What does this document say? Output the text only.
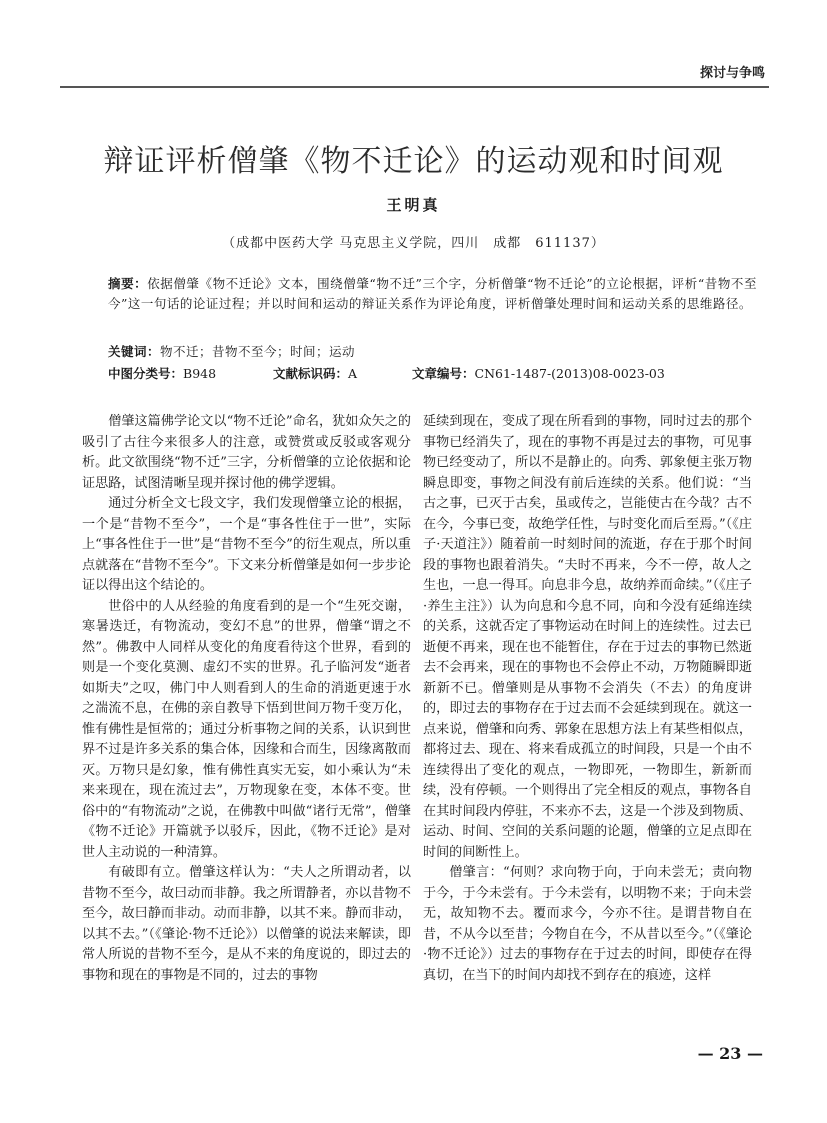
探讨与争鸣
辩证评析僧肇《物不迁论》的运动观和时间观
王明真
（成都中医药大学 马克思主义学院，四川　成都　611137）
摘要：依据僧肇《物不迁论》文本，围绕僧肇“物不迁”三个字，分析僧肇“物不迁论”的立论根据，评析“昔物不至今”这一句话的论证过程；并以时间和运动的辩证关系作为评论角度，评析僧肇处理时间和运动关系的思维路径。
关键词：物不迁；昔物不至今；时间；运动
中图分类号：B948	文献标识码：A	文章编号：CN61-1487-(2013)08-0023-03

僧肇这篇佛学论文以“物不迁论”命名，犹如众矢之的吸引了古往今来很多人的注意，或赞赏或反驳或客观分析。此文欲围绕“物不迁”三字，分析僧肇的立论依据和论证思路，试图清晰呈现并探讨他的佛学逻辑。

通过分析全文七段文字，我们发现僧肇立论的根据，一个是“昔物不至今”，一个是“事各性住于一世”，实际上“事各性住于一世”是“昔物不至今”的衍生观点，所以重点就落在“昔物不至今”。下文来分析僧肇是如何一步步论证以得出这个结论的。

世俗中的人从经验的角度看到的是一个“生死交谢，寒暑迭迁，有物流动，变幻不息”的世界，僧肇“谓之不然”。佛教中人同样从变化的角度看待这个世界，看到的则是一个变化莫测、虚幻不实的世界。孔子临河发“逝者如斯夫”之叹，佛门中人则看到人的生命的消逝更速于水之湍流不息，在佛的亲自教导下悟到世间万物千变万化，惟有佛性是恒常的；通过分析事物之间的关系，认识到世界不过是许多关系的集合体，因缘和合而生，因缘离散而灭。万物只是幻象，惟有佛性真实无妄，如小乘认为“未来来现在，现在流过去”，万物现象在变，本体不变。世俗中的“有物流动”之说，在佛教中叫做“诸行无常”，僧肇《物不迁论》开篇就予以驳斥，因此，《物不迁论》是对世人主动说的一种清算。

有破即有立。僧肇这样认为：“夫人之所谓动者，以昔物不至今，故曰动而非静。我之所谓静者，亦以昔物不至今，故曰静而非动。动而非静，以其不来。静而非动，以其不去。”（《肇论·物不迁论》）以僧肇的说法来解读，即常人所说的昔物不至今，是从不来的角度说的，即过去的事物和现在的事物是不同的，过去的事物

延续到现在，变成了现在所看到的事物，同时过去的那个事物已经消失了，现在的事物不再是过去的事物，可见事物已经变动了，所以不是静止的。向秀、郭象便主张万物瞬息即变，事物之间没有前后连续的关系。他们说：“当古之事，已灭于古矣，虽或传之，岂能使古在今哉？古不在今，今事已变，故绝学任性，与时变化而后至焉。”（《庄子·天道注》）随着前一时刻时间的流逝，存在于那个时间段的事物也跟着消失。“夫时不再来，今不一停，故人之生也，一息一得耳。向息非今息，故纳养而命续。”（《庄子·养生主注》）认为向息和今息不同，向和今没有延绵连续的关系，这就否定了事物运动在时间上的连续性。过去已逝便不再来，现在也不能暂住，存在于过去的事物已然逝去不会再来，现在的事物也不会停止不动，万物随瞬即逝新新不已。僧肇则是从事物不会消失（不去）的角度讲的，即过去的事物存在于过去而不会延续到现在。就这一点来说，僧肇和向秀、郭象在思想方法上有某些相似点，都将过去、现在、将来看成孤立的时间段，只是一个由不连续得出了变化的观点，一物即死，一物即生，新新而续，没有停顿。一个则得出了完全相反的观点，事物各自在其时间段内停驻，不来亦不去，这是一个涉及到物质、运动、时间、空间的关系问题的论题，僧肇的立足点即在时间的间断性上。

僧肇言：“何则？求向物于向，于向未尝无；责向物于今，于今未尝有。于今未尝有，以明物不来；于向未尝无，故知物不去。覆而求今，今亦不往。是谓昔物自在昔，不从今以至昔；今物自在今，不从昔以至今。”（《肇论·物不迁论》）过去的事物存在于过去的时间，即使存在得真切，在当下的时间内却找不到存在的痕迹，这样

— 23 —
